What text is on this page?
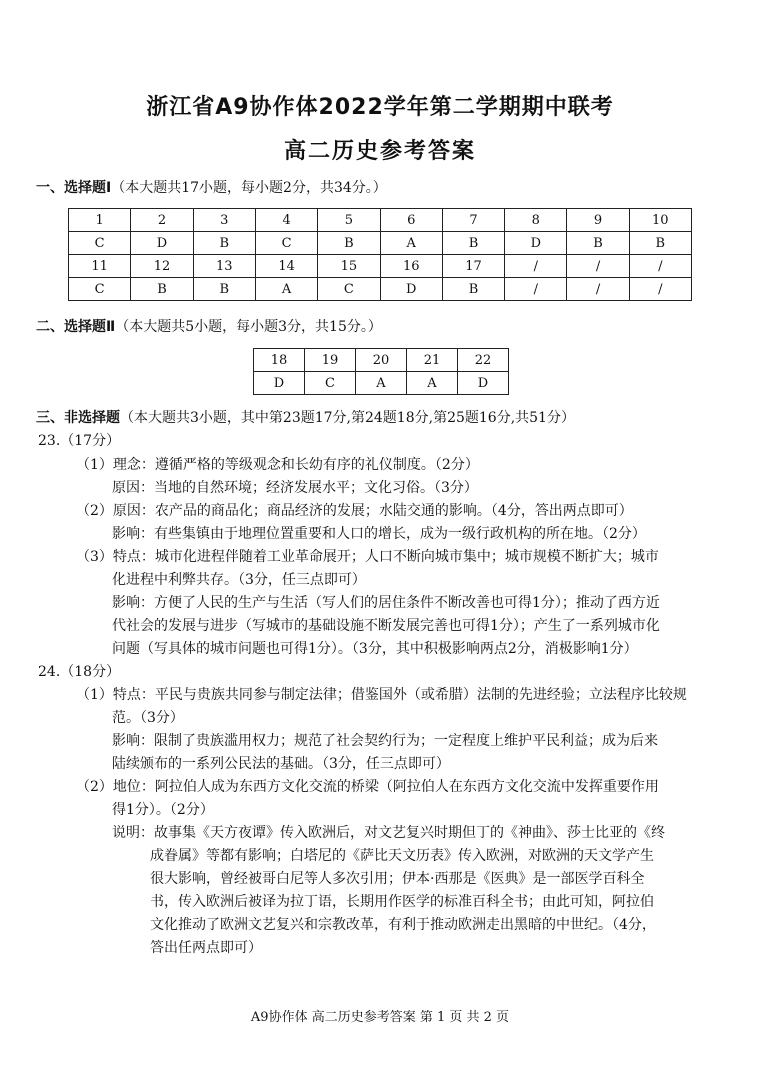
浙江省A9协作体2022学年第二学期期中联考
高二历史参考答案
一、选择题Ⅰ（本大题共17小题，每小题2分，共34分。）
1	2	3	4	5	6	7	8	9	10
C	D	B	C	B	A	B	D	B	B
11	12	13	14	15	16	17	/	/	/
C	B	B	A	C	D	B	/	/	/
二、选择题Ⅱ（本大题共5小题，每小题3分，共15分。）
18	19	20	21	22
D	C	A	A	D
三、非选择题（本大题共3小题，其中第23题17分,第24题18分,第25题16分,共51分）
23.（17分）
（1）理念：遵循严格的等级观念和长幼有序的礼仪制度。（2分）
原因：当地的自然环境；经济发展水平；文化习俗。（3分）
（2）原因：农产品的商品化；商品经济的发展；水陆交通的影响。（4分，答出两点即可）
影响：有些集镇由于地理位置重要和人口的增长，成为一级行政机构的所在地。（2分）
（3）特点：城市化进程伴随着工业革命展开；人口不断向城市集中；城市规模不断扩大；城市
化进程中利弊共存。（3分，任三点即可）
影响：方便了人民的生产与生活（写人们的居住条件不断改善也可得1分）；推动了西方近
代社会的发展与进步（写城市的基础设施不断发展完善也可得1分）；产生了一系列城市化
问题（写具体的城市问题也可得1分）。（3分，其中积极影响两点2分，消极影响1分）
24.（18分）
（1）特点：平民与贵族共同参与制定法律；借鉴国外（或希腊）法制的先进经验；立法程序比较规
范。（3分）
影响：限制了贵族滥用权力；规范了社会契约行为；一定程度上维护平民利益；成为后来
陆续颁布的一系列公民法的基础。（3分，任三点即可）
（2）地位：阿拉伯人成为东西方文化交流的桥梁（阿拉伯人在东西方文化交流中发挥重要作用
得1分）。（2分）
说明：故事集《天方夜谭》传入欧洲后，对文艺复兴时期但丁的《神曲》、莎士比亚的《终
成眷属》等都有影响；白塔尼的《萨比天文历表》传入欧洲，对欧洲的天文学产生
很大影响，曾经被哥白尼等人多次引用；伊本·西那是《医典》是一部医学百科全
书，传入欧洲后被译为拉丁语，长期用作医学的标准百科全书；由此可知，阿拉伯
文化推动了欧洲文艺复兴和宗教改革，有利于推动欧洲走出黑暗的中世纪。（4分，
答出任两点即可）
A9协作体 高二历史参考答案 第 1 页 共 2 页
